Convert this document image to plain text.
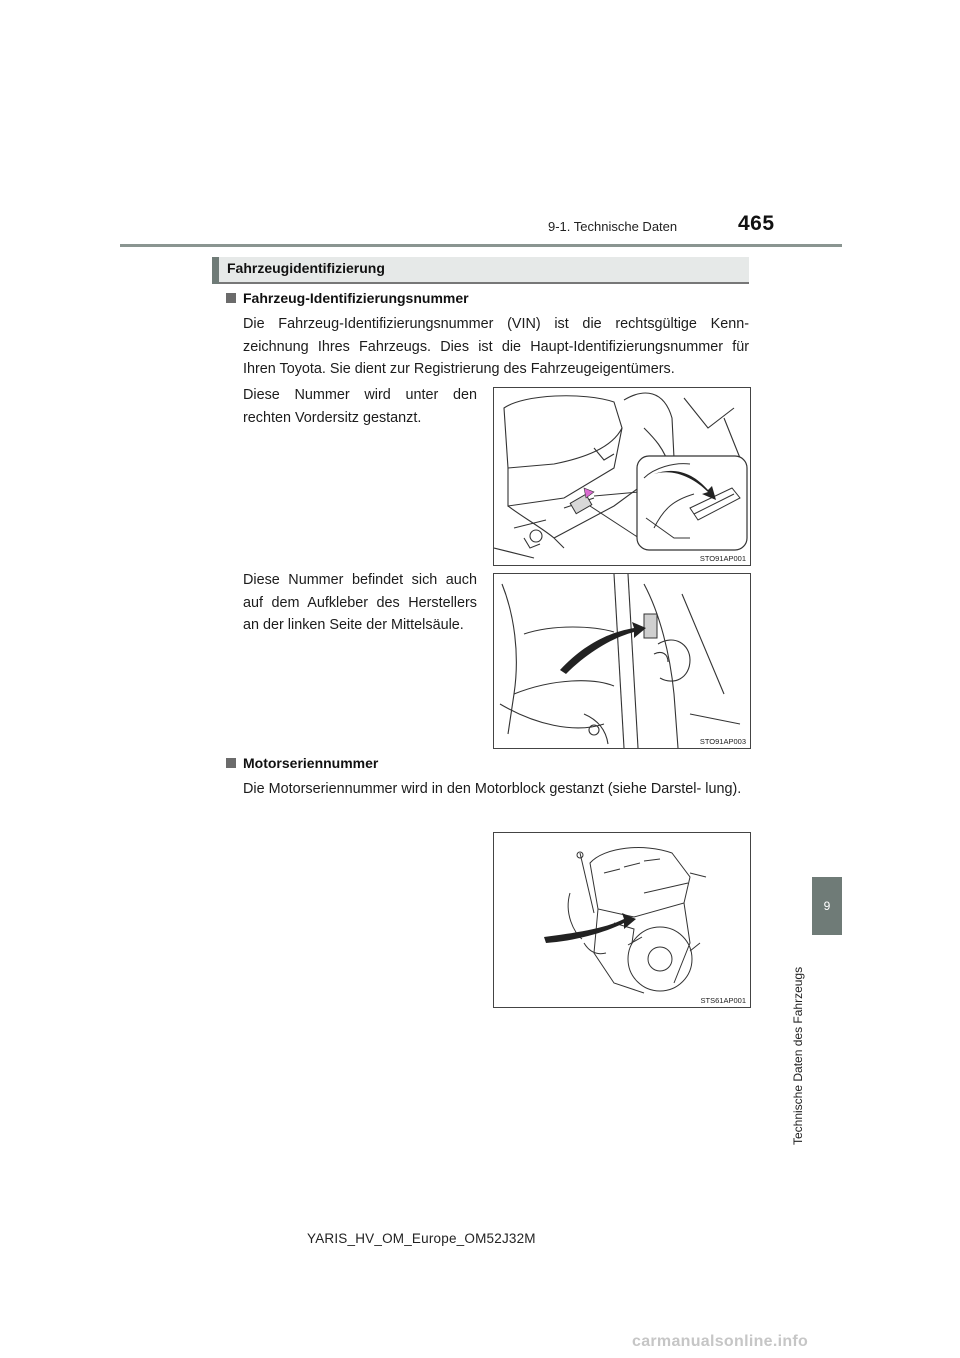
9-1. Technische Daten	465
9
Technische Daten des Fahrzeugs
Fahrzeugidentifizierung
Fahrzeug-Identifizierungsnummer
Die Fahrzeug-Identifizierungsnummer (VIN) ist die rechtsgültige Kenn- zeichnung Ihres Fahrzeugs. Dies ist die Haupt-Identifizierungsnummer für Ihren Toyota. Sie dient zur Registrierung des Fahrzeugeigentümers.
Diese Nummer wird unter den rechten Vordersitz gestanzt.
STO91AP001
Diese Nummer befindet sich auch auf dem Aufkleber des Herstellers an der linken Seite der Mittelsäule.
STO91AP003
Motorseriennummer
Die Motorseriennummer wird in den Motorblock gestanzt (siehe Darstel- lung).
STS61AP001
YARIS_HV_OM_Europe_OM52J32M
carmanualsonline.info
